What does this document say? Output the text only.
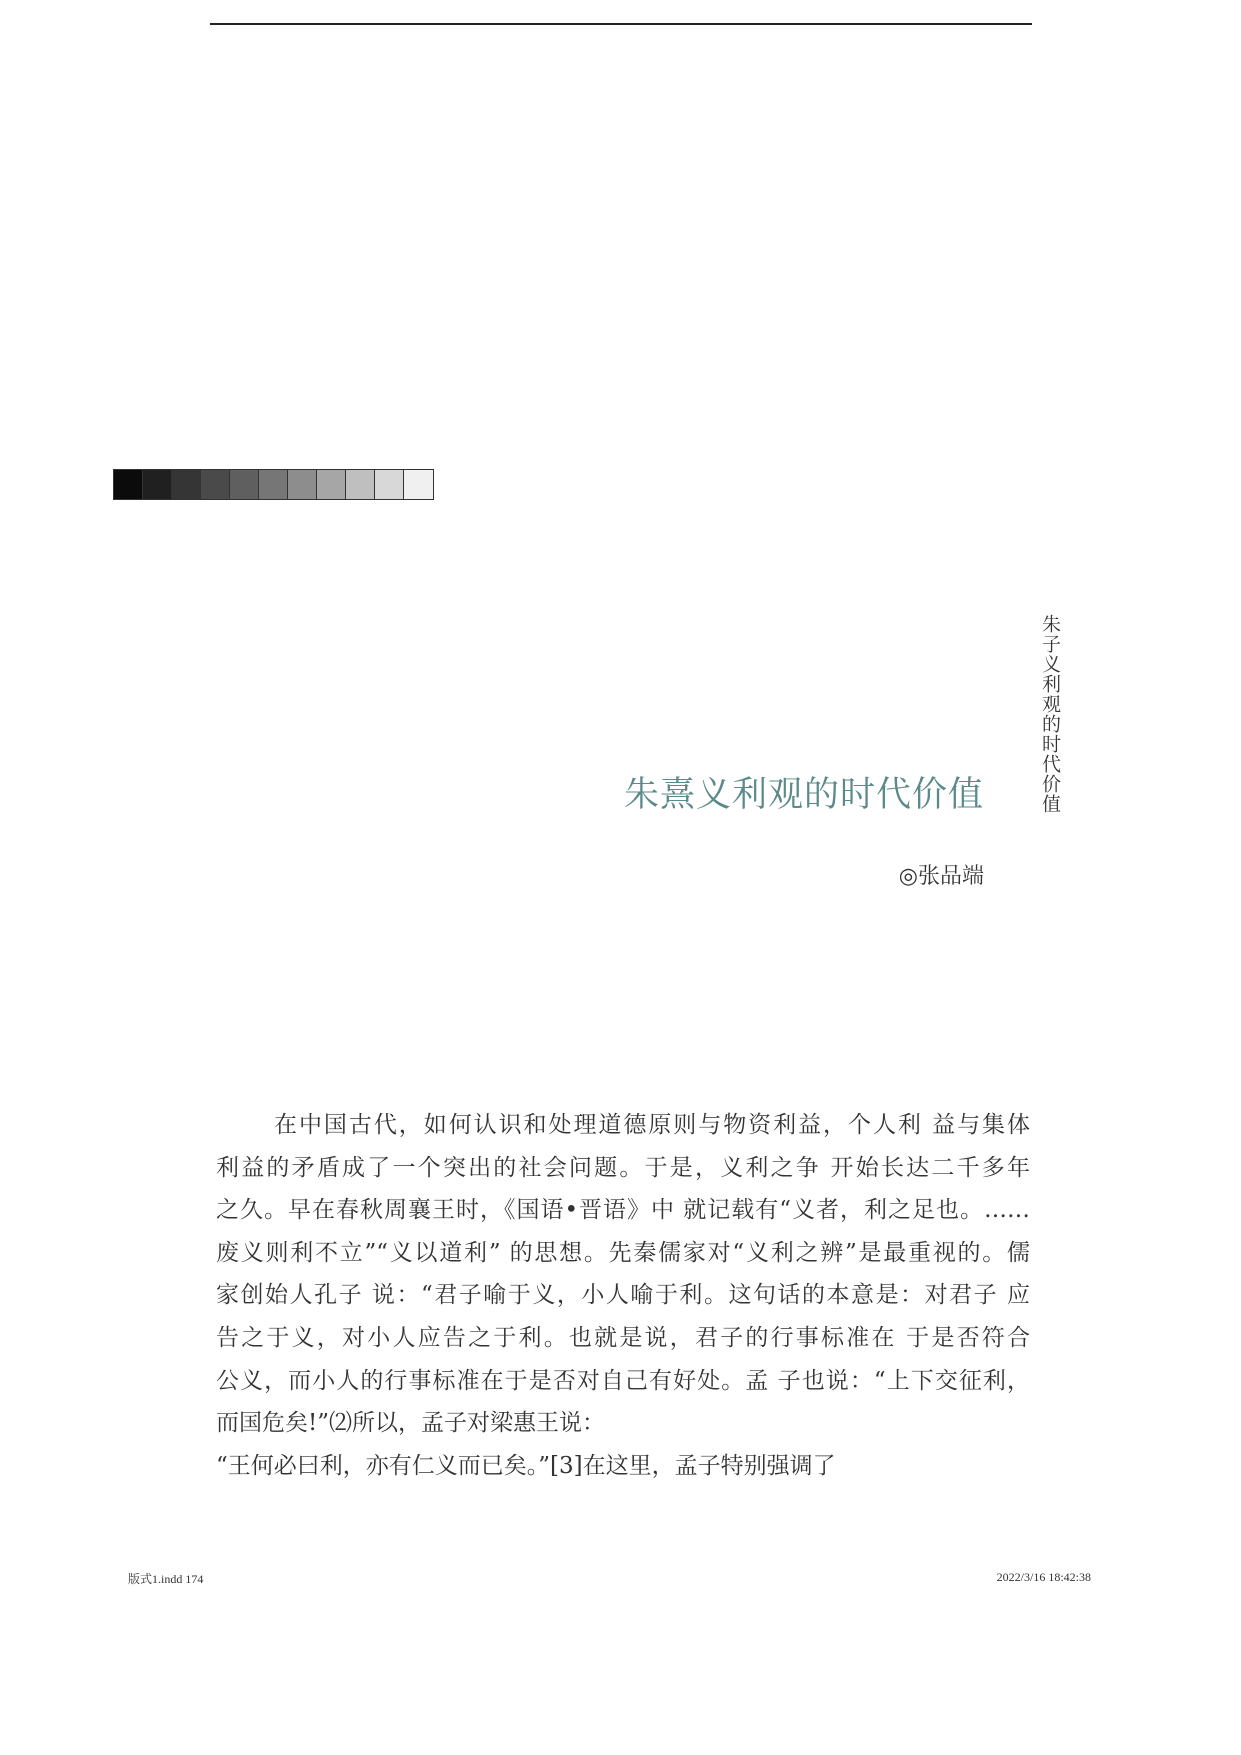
朱子义利观的时代价值
朱熹义利观的时代价值
◎张品端
在中国古代，如何认识和处理道德原则与物资利益，个人利 益与集体
利益的矛盾成了一个突出的社会问题。于是，义利之争 开始长达二千多年
之久。早在春秋周襄王时，《国语•晋语》中 就记载有“义者，利之足也。……
废义则利不立”“义以道利” 的思想。先秦儒家对“义利之辨”是最重视的。儒
家创始人孔子 说：“君子喻于义，小人喻于利。这句话的本意是：对君子 应
告之于义，对小人应告之于利。也就是说，君子的行事标准在 于是否符合
公义，而小人的行事标准在于是否对自己有好处。孟 子也说：“上下交征利，
而国危矣!”⑵所以，孟子对梁惠王说：
“王何必曰利，亦有仁义而已矣。”[3]在这里，孟子特别强调了
版式1.indd 174	2022/3/16 18:42:38
